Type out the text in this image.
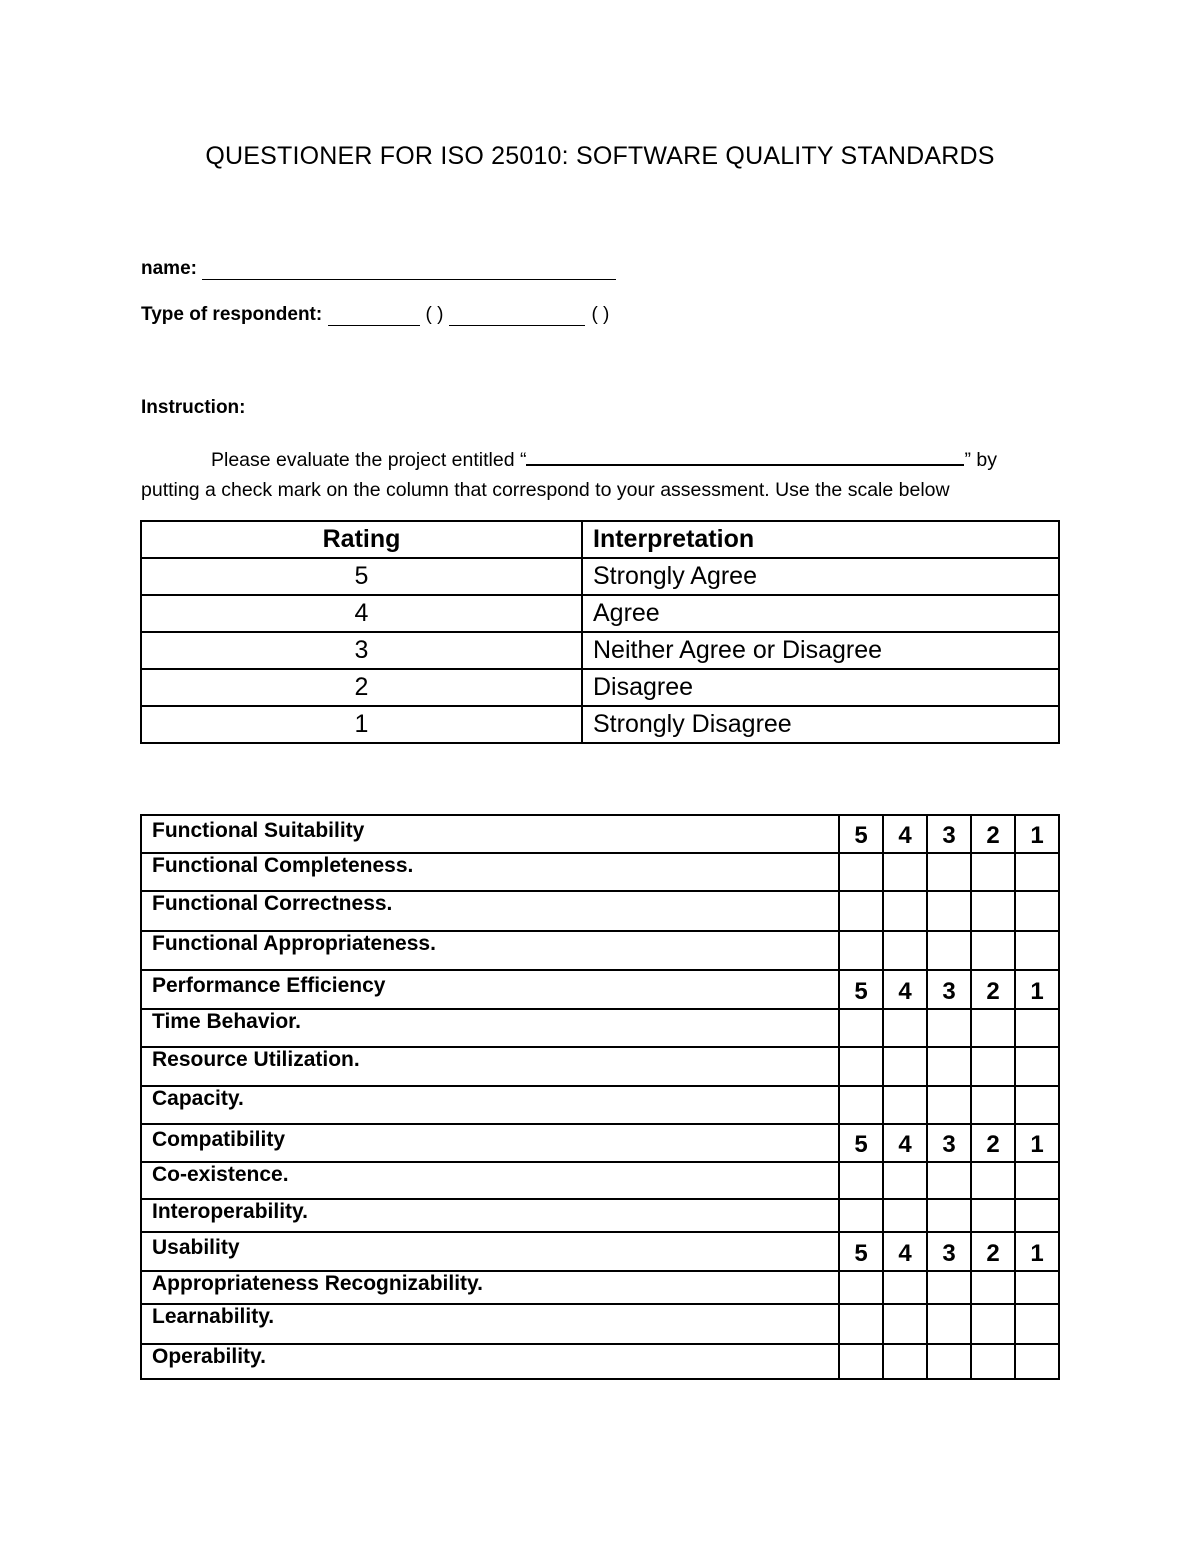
QUESTIONER FOR ISO 25010: SOFTWARE QUALITY STANDARDS
name:
Type of respondent:	( )	( )
Instruction:
Please evaluate the project entitled “	” by putting a check mark on the column that correspond to your assessment. Use the scale below
Rating	Interpretation
5	Strongly Agree
4	Agree
3	Neither Agree or Disagree
2	Disagree
1	Strongly Disagree
Functional Suitability	5	4	3	2	1
Functional Completeness.					
Functional Correctness.					
Functional Appropriateness.					
Performance Efficiency	5	4	3	2	1
Time Behavior.					
Resource Utilization.					
Capacity.					
Compatibility	5	4	3	2	1
Co-existence.					
Interoperability.					
Usability	5	4	3	2	1
Appropriateness Recognizability.					
Learnability.					
Operability.					
